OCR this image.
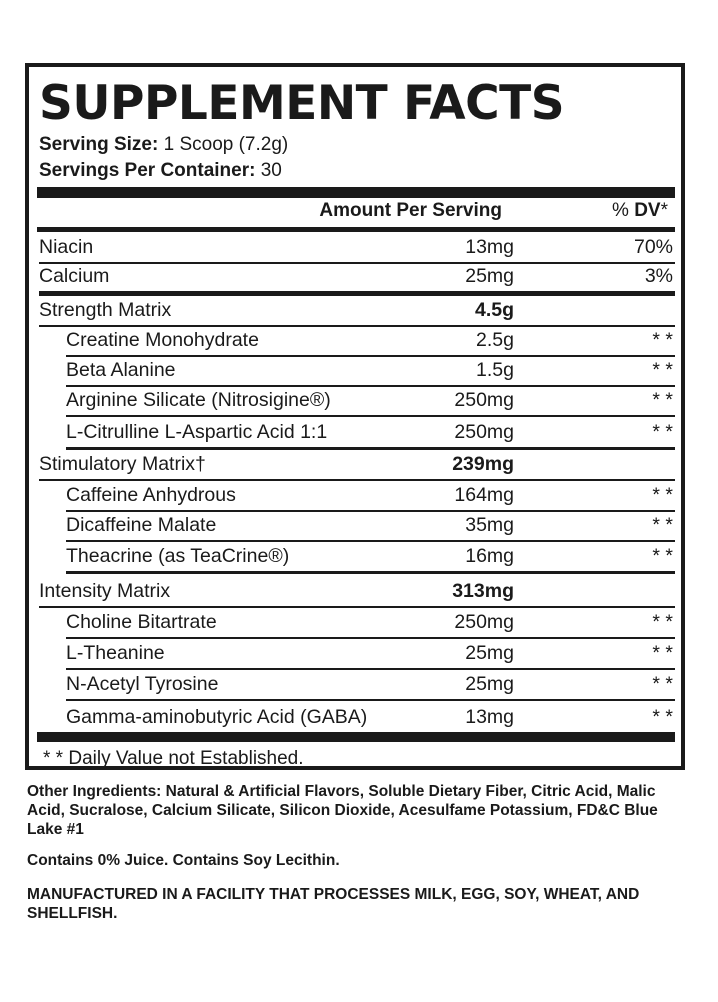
SUPPLEMENT FACTS
Serving Size: 1 Scoop (7.2g)
Servings Per Container: 30
Amount Per Serving	% DV*
Niacin	13mg	70%
Calcium	25mg	3%
Strength Matrix	4.5g
Creatine Monohydrate	2.5g	* *
Beta Alanine	1.5g	* *
Arginine Silicate (Nitrosigine®)	250mg	* *
L-Citrulline L-Aspartic Acid 1:1	250mg	* *
Stimulatory Matrix†	239mg
Caffeine Anhydrous	164mg	* *
Dicaffeine Malate	35mg	* *
Theacrine (as TeaCrine®)	16mg	* *
Intensity Matrix	313mg
Choline Bitartrate	250mg	* *
L-Theanine	25mg	* *
N-Acetyl Tyrosine	25mg	* *
Gamma-aminobutyric Acid (GABA)	13mg	* *
* * Daily Value not Established.
Other Ingredients: Natural & Artificial Flavors, Soluble Dietary Fiber, Citric Acid, Malic Acid, Sucralose, Calcium Silicate, Silicon Dioxide, Acesulfame Potassium, FD&C Blue Lake #1
Contains 0% Juice. Contains Soy Lecithin.
MANUFACTURED IN A FACILITY THAT PROCESSES MILK, EGG, SOY, WHEAT, AND SHELLFISH.
